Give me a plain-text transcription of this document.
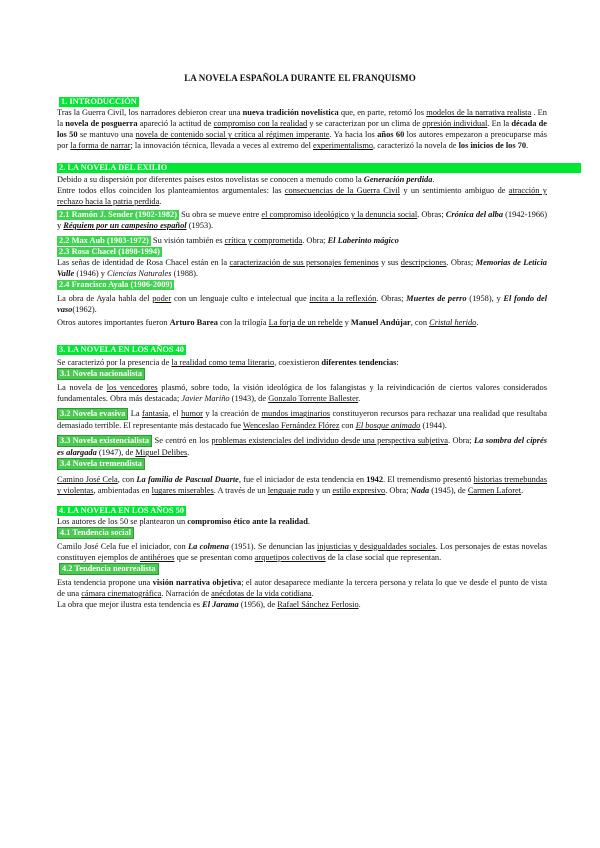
LA NOVELA ESPAÑOLA DURANTE EL FRANQUISMO
1. INTRODUCCIÓN

Tras la Guerra Civil, los narradores debieron crear una nueva tradición novelística que, en parte, retomó los modelos de la narrativa realista . En la novela de posguerra apareció la actitud de compromiso con la realidad y se caracterizan por un clima de opresión individual. En la década de los 50 se mantuvo una novela de contenido social y crítica al régimen imperante. Ya hacia los años 60 los autores empezaron a preocuparse más por la forma de narrar; la innovación técnica, llevada a veces al extremo del experimentalismo, caracterizó la novela de los inicios de los 70.

2. LA NOVELA DEL EXILIODebido a su dispersión por diferentes países estos novelistas se conocen a menudo como la Generación perdida.

Entre todos ellos coinciden los planteamientos argumentales: las consecuencias de la Guerra Civil y un sentimiento ambiguo de atracción y rechazo hacia la patria perdida.

2.1 Ramón J. Sender (1902-1982) Su obra se mueve entre el compromiso ideológico y la denuncia social. Obras; Crónica del alba (1942-1966) y Réquiem por un campesino español (1953).

2.2 Max Aub (1903-1972) Su visión también es crítica y comprometida. Obra; El Laberinto mágico

2.3 Rosa Chacel (1898-1994)

Las señas de identidad de Rosa Chacel están en la caracterización de sus personajes femeninos y sus descripciones. Obras; Memorias de Leticia Valle (1946) y Ciencias Naturales (1988).

2.4 Francisco Ayala (1906-2009)

La obra de Ayala habla del poder con un lenguaje culto e intelectual que incita a la reflexión. Obras; Muertes de perro (1958), y El fondo del vaso(1962).

Otros autores importantes fueron Arturo Barea con la trilogía La forja de un rebelde y Manuel Andújar, con Cristal herido.

3. LA NOVELA EN LOS AÑOS 40

Se caracterizó por la presencia de la realidad como tema literario, coexistieron diferentes tendencias:

3.1 Novela nacionalista

La novela de los vencedores plasmó, sobre todo, la visión ideológica de los falangistas y la reivindicación de ciertos valores considerados fundamentales. Obra más destacada; Javier Mariño (1943), de Gonzalo Torrente Ballester.

3.2 Novela evasiva La fantasía, el humor y la creación de mundos imaginarios constituyeron recursos para rechazar una realidad que resultaba demasiado terrible. El representante más destacado fue Wenceslao Fernández Flórez con El bosque animado (1944).

3.3 Novela existencialista Se centró en los problemas existenciales del individuo desde una perspectiva subjetiva. Obra; La sombra del ciprés es alargada (1947), de Miguel Delibes.

3.4 Novela tremendista

Camino José Cela, con La familia de Pascual Duarte, fue el iniciador de esta tendencia en 1942. El tremendismo presentó historias tremebundas y violentas, ambientadas en lugares miserables. A través de un lenguaje rudo y un estilo expresivo. Obra; Nada (1945), de Carmen Laforet.

4. LA NOVELA EN LOS AÑOS 50

Los autores de los 50 se plantearon un compromiso ético ante la realidad.

4.1 Tendencia social

Camilo José Cela fue el iniciador, con La colmena (1951). Se denuncian las injusticias y desigualdades sociales. Los personajes de estas novelas constituyen ejemplos de antihéroes que se presentan como arquetipos colectivos de la clase social que representan.

4.2 Tendencia neorrealista

Esta tendencia propone una visión narrativa objetiva; el autor desaparece mediante la tercera persona y relata lo que ve desde el punto de vista de una cámara cinematográfica. Narración de anécdotas de la vida cotidiana.

La obra que mejor ilustra esta tendencia es El Jarama (1956), de Rafael Sánchez Ferlosio.
